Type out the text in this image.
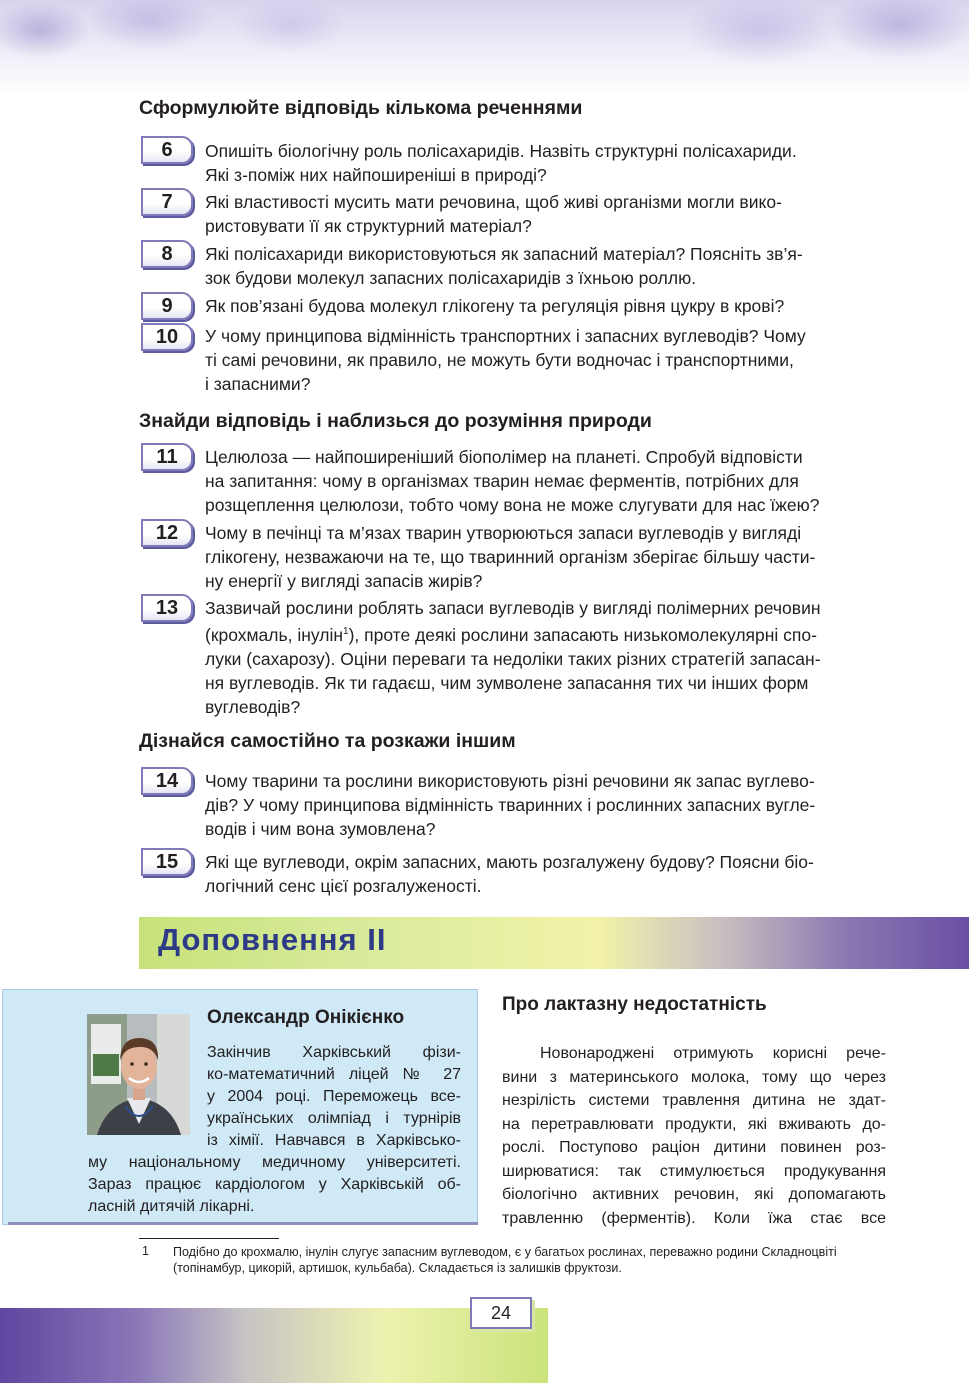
Сформулюйте відповідь кількома реченнями
6	Опишіть біологічну роль полісахаридів. Назвіть структурні полісахариди.
Які з-поміж них найпоширеніші в природі?
7	Які властивості мусить мати речовина, щоб живі організми могли вико-
ристовувати її як структурний матеріал?
8	Які полісахариди використовуються як запасний матеріал? Поясніть зв’я-
зок будови молекул запасних полісахаридів з їхньою роллю.
9	Як пов’язані будова молекул глікогену та регуляція рівня цукру в крові?
10	У чому принципова відмінність транспортних і запасних вуглеводів? Чому
ті самі речовини, як правило, не можуть бути водночас і транспортними,
і запасними?
Знайди відповідь і наблизься до розуміння природи
11	Целюлоза — найпоширеніший біополімер на планеті. Спробуй відповісти
на запитання: чому в організмах тварин немає ферментів, потрібних для
розщеплення целюлози, тобто чому вона не може слугувати для нас їжею?
12	Чому в печінці та м’язах тварин утворюються запаси вуглеводів у вигляді
глікогену, незважаючи на те, що тваринний організм зберігає більшу части-
ну енергії у вигляді запасів жирів?
13	Зазвичай рослини роблять запаси вуглеводів у вигляді полімерних речовин
(крохмаль, інулін$^1$), проте деякі рослини запасають низькомолекулярні спо-
луки (сахарозу). Оціни переваги та недоліки таких різних стратегій запасан-
ня вуглеводів. Як ти гадаєш, чим зумволене запасання тих чи інших форм
вуглеводів?
Дізнайся самостійно та розкажи іншим
14	Чому тварини та рослини використовують різні речовини як запас вуглево-
дів? У чому принципова відмінність тваринних і рослинних запасних вугле-
водів і чим вона зумовлена?
15	Які ще вуглеводи, окрім запасних, мають розгалужену будову? Поясни біо-
логічний сенс цієї розгалуженості.
Доповнення II
Олександр Онікієнко
Закінчив Харківський фізи-
ко-математичний ліцей № 27
у 2004 році. Переможець все-
українських олімпіад і турнірів
із хімії. Навчався в Харківсько-
му національному медичному університеті.
Зараз працює кардіологом у Харківській об-
ласній дитячій лікарні.
Про лактазну недостатність
Новонароджені отримують корисні рече-
вини з материнського молока, тому що через
незрілість системи травлення дитина не здат-
на перетравлювати продукти, які вживають до-
рослі. Поступово раціон дитини повинен роз-
ширюватися: так стимулюється продукування
біологічно активних речовин, які допомагають
травленню (ферментів). Коли їжа стає все
1 Подібно до крохмалю, інулін слугує запасним вуглеводом, є у багатьох рослинах, переважно родини Складноцвіті (топінамбур, цикорій, артишок, кульбаба). Складається із залишків фруктози.
24
